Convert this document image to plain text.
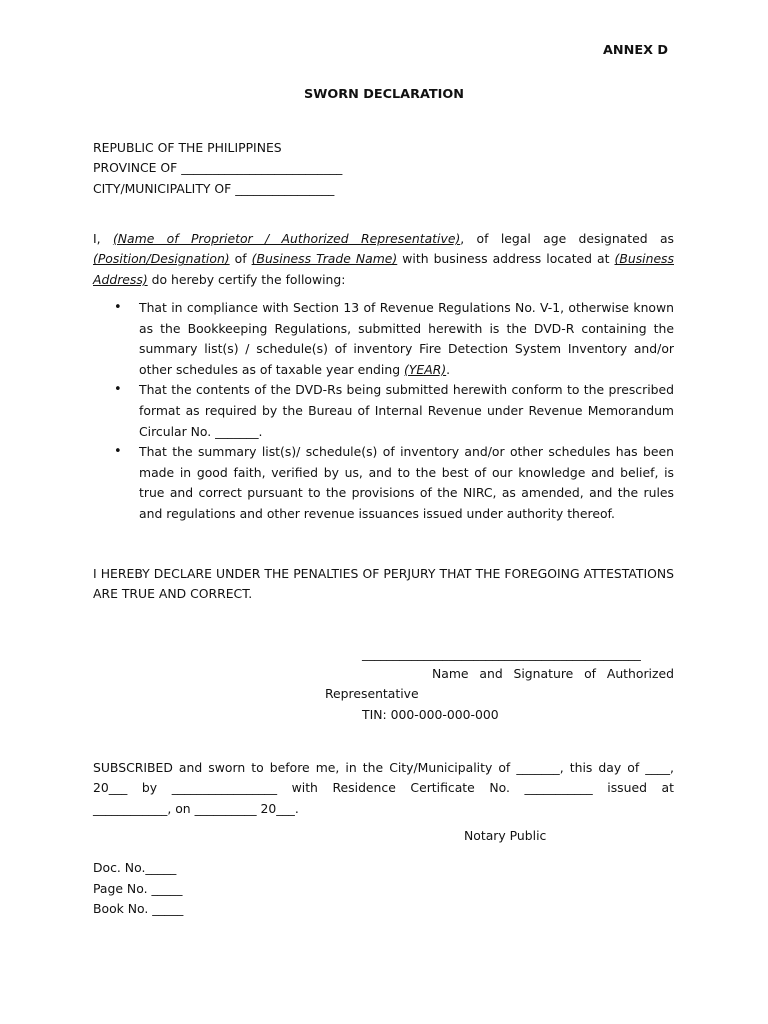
ANNEX D
SWORN DECLARATION
REPUBLIC OF THE PHILIPPINES
PROVINCE OF __________________________
CITY/MUNICIPALITY OF ________________
I, (Name of Proprietor / Authorized Representative), of legal age designated as (Position/Designation) of (Business Trade Name) with business address located at (Business Address) do hereby certify the following:
• That in compliance with Section 13 of Revenue Regulations No. V-1, otherwise known as the Bookkeeping Regulations, submitted herewith is the DVD-R containing the summary list(s) / schedule(s) of inventory Fire Detection System Inventory and/or other schedules as of taxable year ending (YEAR).
• That the contents of the DVD-Rs being submitted herewith conform to the prescribed format as required by the Bureau of Internal Revenue under Revenue Memorandum Circular No. _______.
• That the summary list(s)/ schedule(s) of inventory and/or other schedules has been made in good faith, verified by us, and to the best of our knowledge and belief, is true and correct pursuant to the provisions of the NIRC, as amended, and the rules and regulations and other revenue issuances issued under authority thereof.
I HEREBY DECLARE UNDER THE PENALTIES OF PERJURY THAT THE FOREGOING ATTESTATIONS ARE TRUE AND CORRECT.
_____________________________________________
Name and Signature of Authorized
Representative
TIN: 000-000-000-000
SUBSCRIBED and sworn to before me, in the City/Municipality of _______, this day of ____,
20___ by _________________ with Residence Certificate No. ___________ issued at
____________, on __________ 20___.
Notary Public
Doc. No._____
Page No. _____
Book No. _____
